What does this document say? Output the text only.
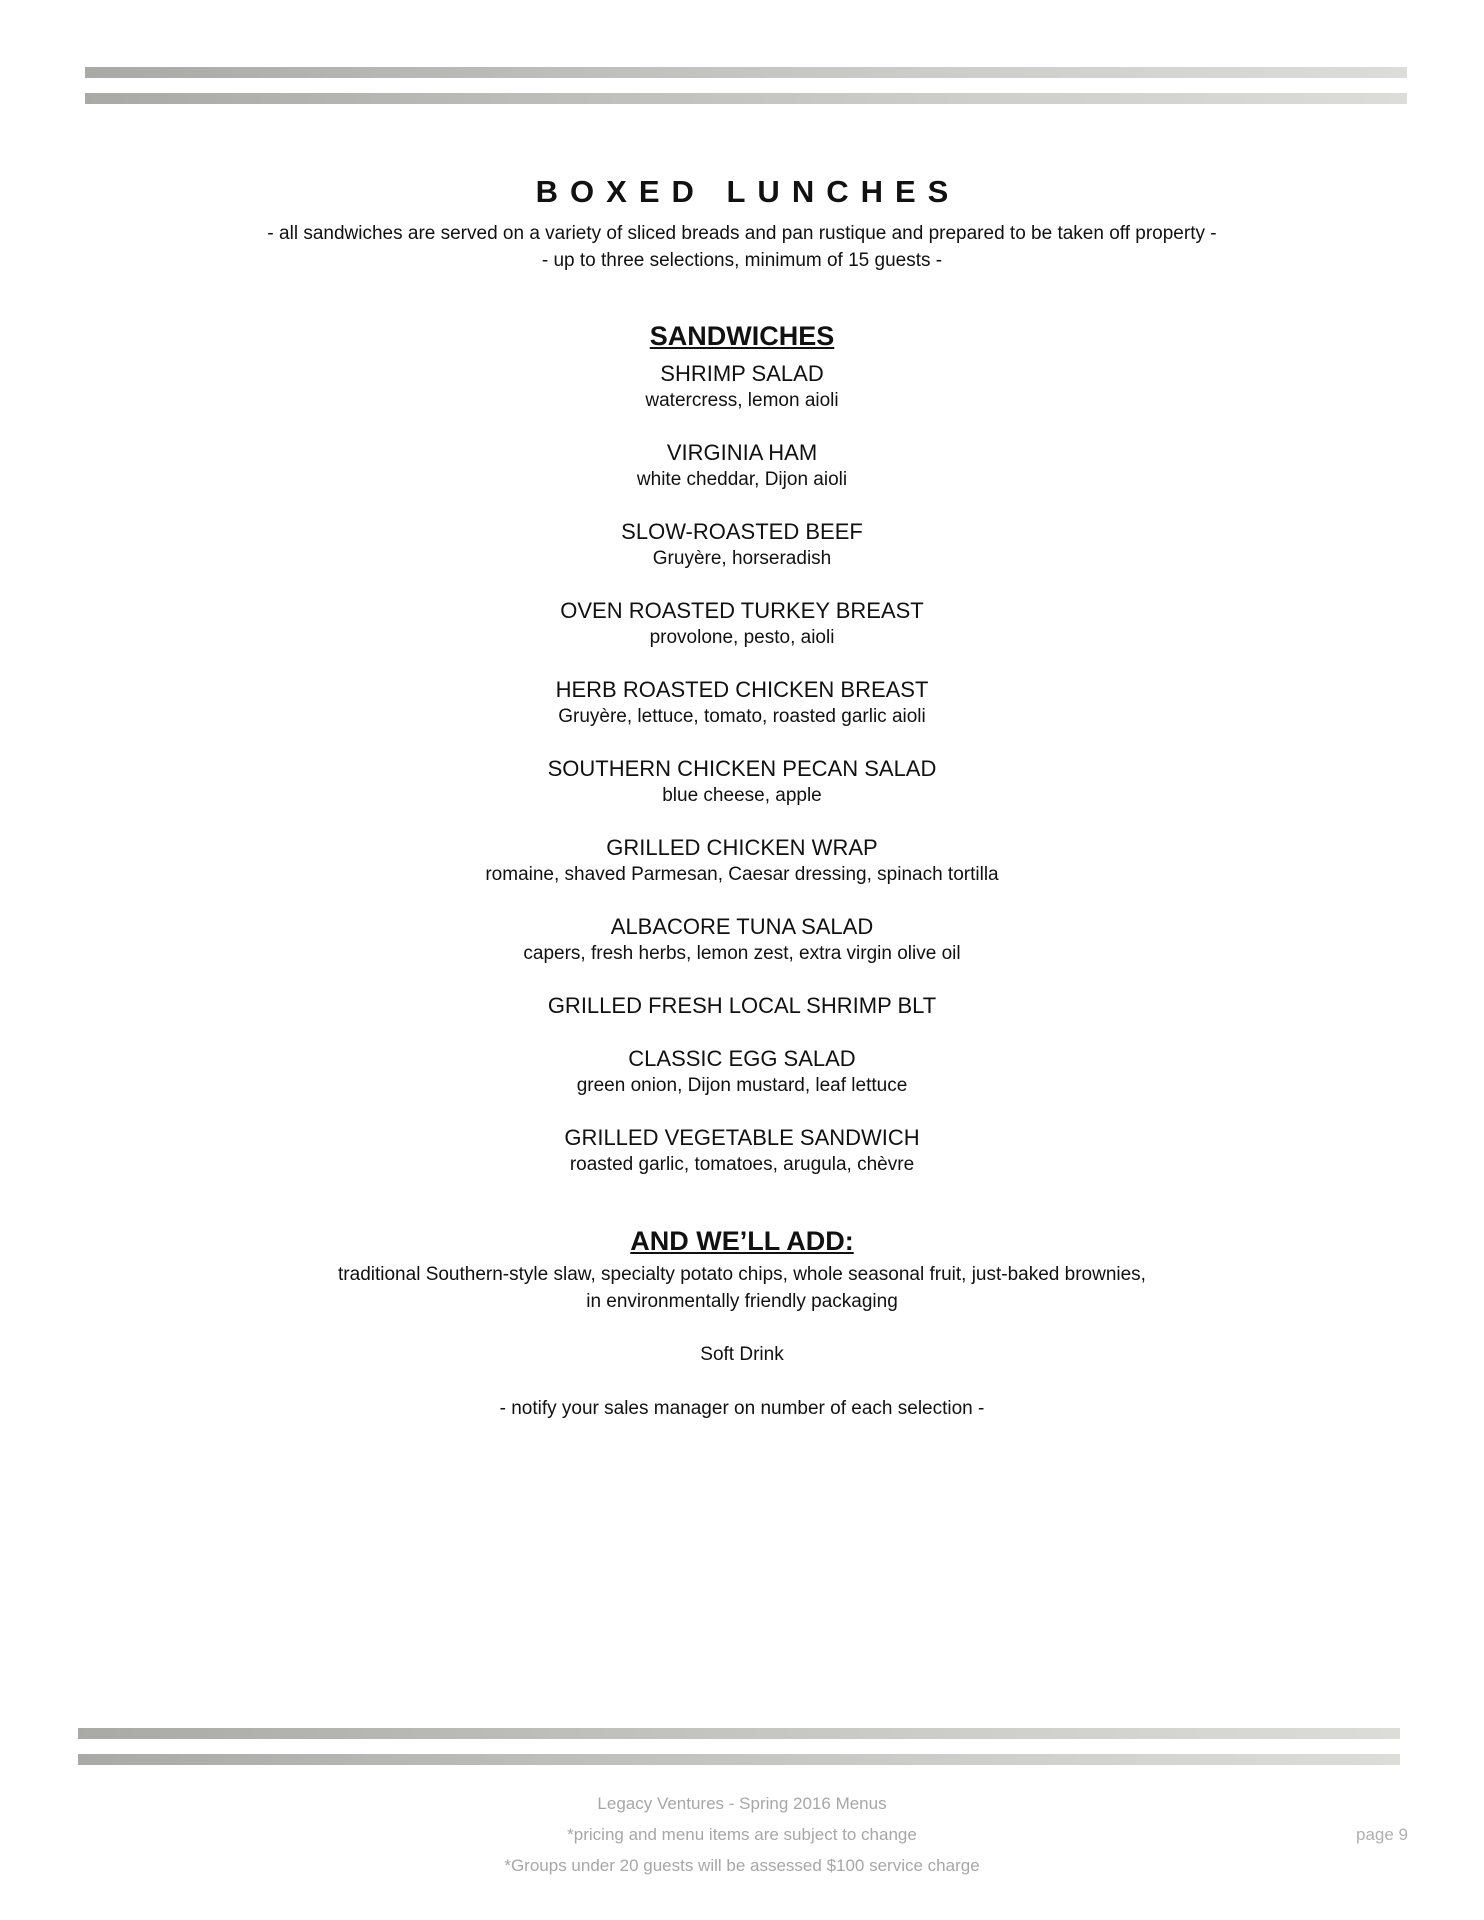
BOXED LUNCHES

- all sandwiches are served on a variety of sliced breads and pan rustique and prepared to be taken off property -

- up to three selections, minimum of 15 guests -

SANDWICHES
SHRIMP SALAD
watercress, lemon aioli
VIRGINIA HAM
white cheddar, Dijon aioli
SLOW-ROASTED BEEF
Gruyère, horseradish
OVEN ROASTED TURKEY BREAST
provolone, pesto, aioli
HERB ROASTED CHICKEN BREAST
Gruyère, lettuce, tomato, roasted garlic aioli
SOUTHERN CHICKEN PECAN SALAD
blue cheese, apple
GRILLED CHICKEN WRAP
romaine, shaved Parmesan, Caesar dressing, spinach tortilla
ALBACORE TUNA SALAD
capers, fresh herbs, lemon zest, extra virgin olive oil
GRILLED FRESH LOCAL SHRIMP BLT
CLASSIC EGG SALAD
green onion, Dijon mustard, leaf lettuce
GRILLED VEGETABLE SANDWICH
roasted garlic, tomatoes, arugula, chèvre
AND WE’LL ADD:
traditional Southern-style slaw, specialty potato chips, whole seasonal fruit, just-baked brownies,
in environmentally friendly packaging
Soft Drink
- notify your sales manager on number of each selection -
Legacy Ventures - Spring 2016 Menus
*pricing and menu items are subject to change
*Groups under 20 guests will be assessed $100 service charge
page 9
